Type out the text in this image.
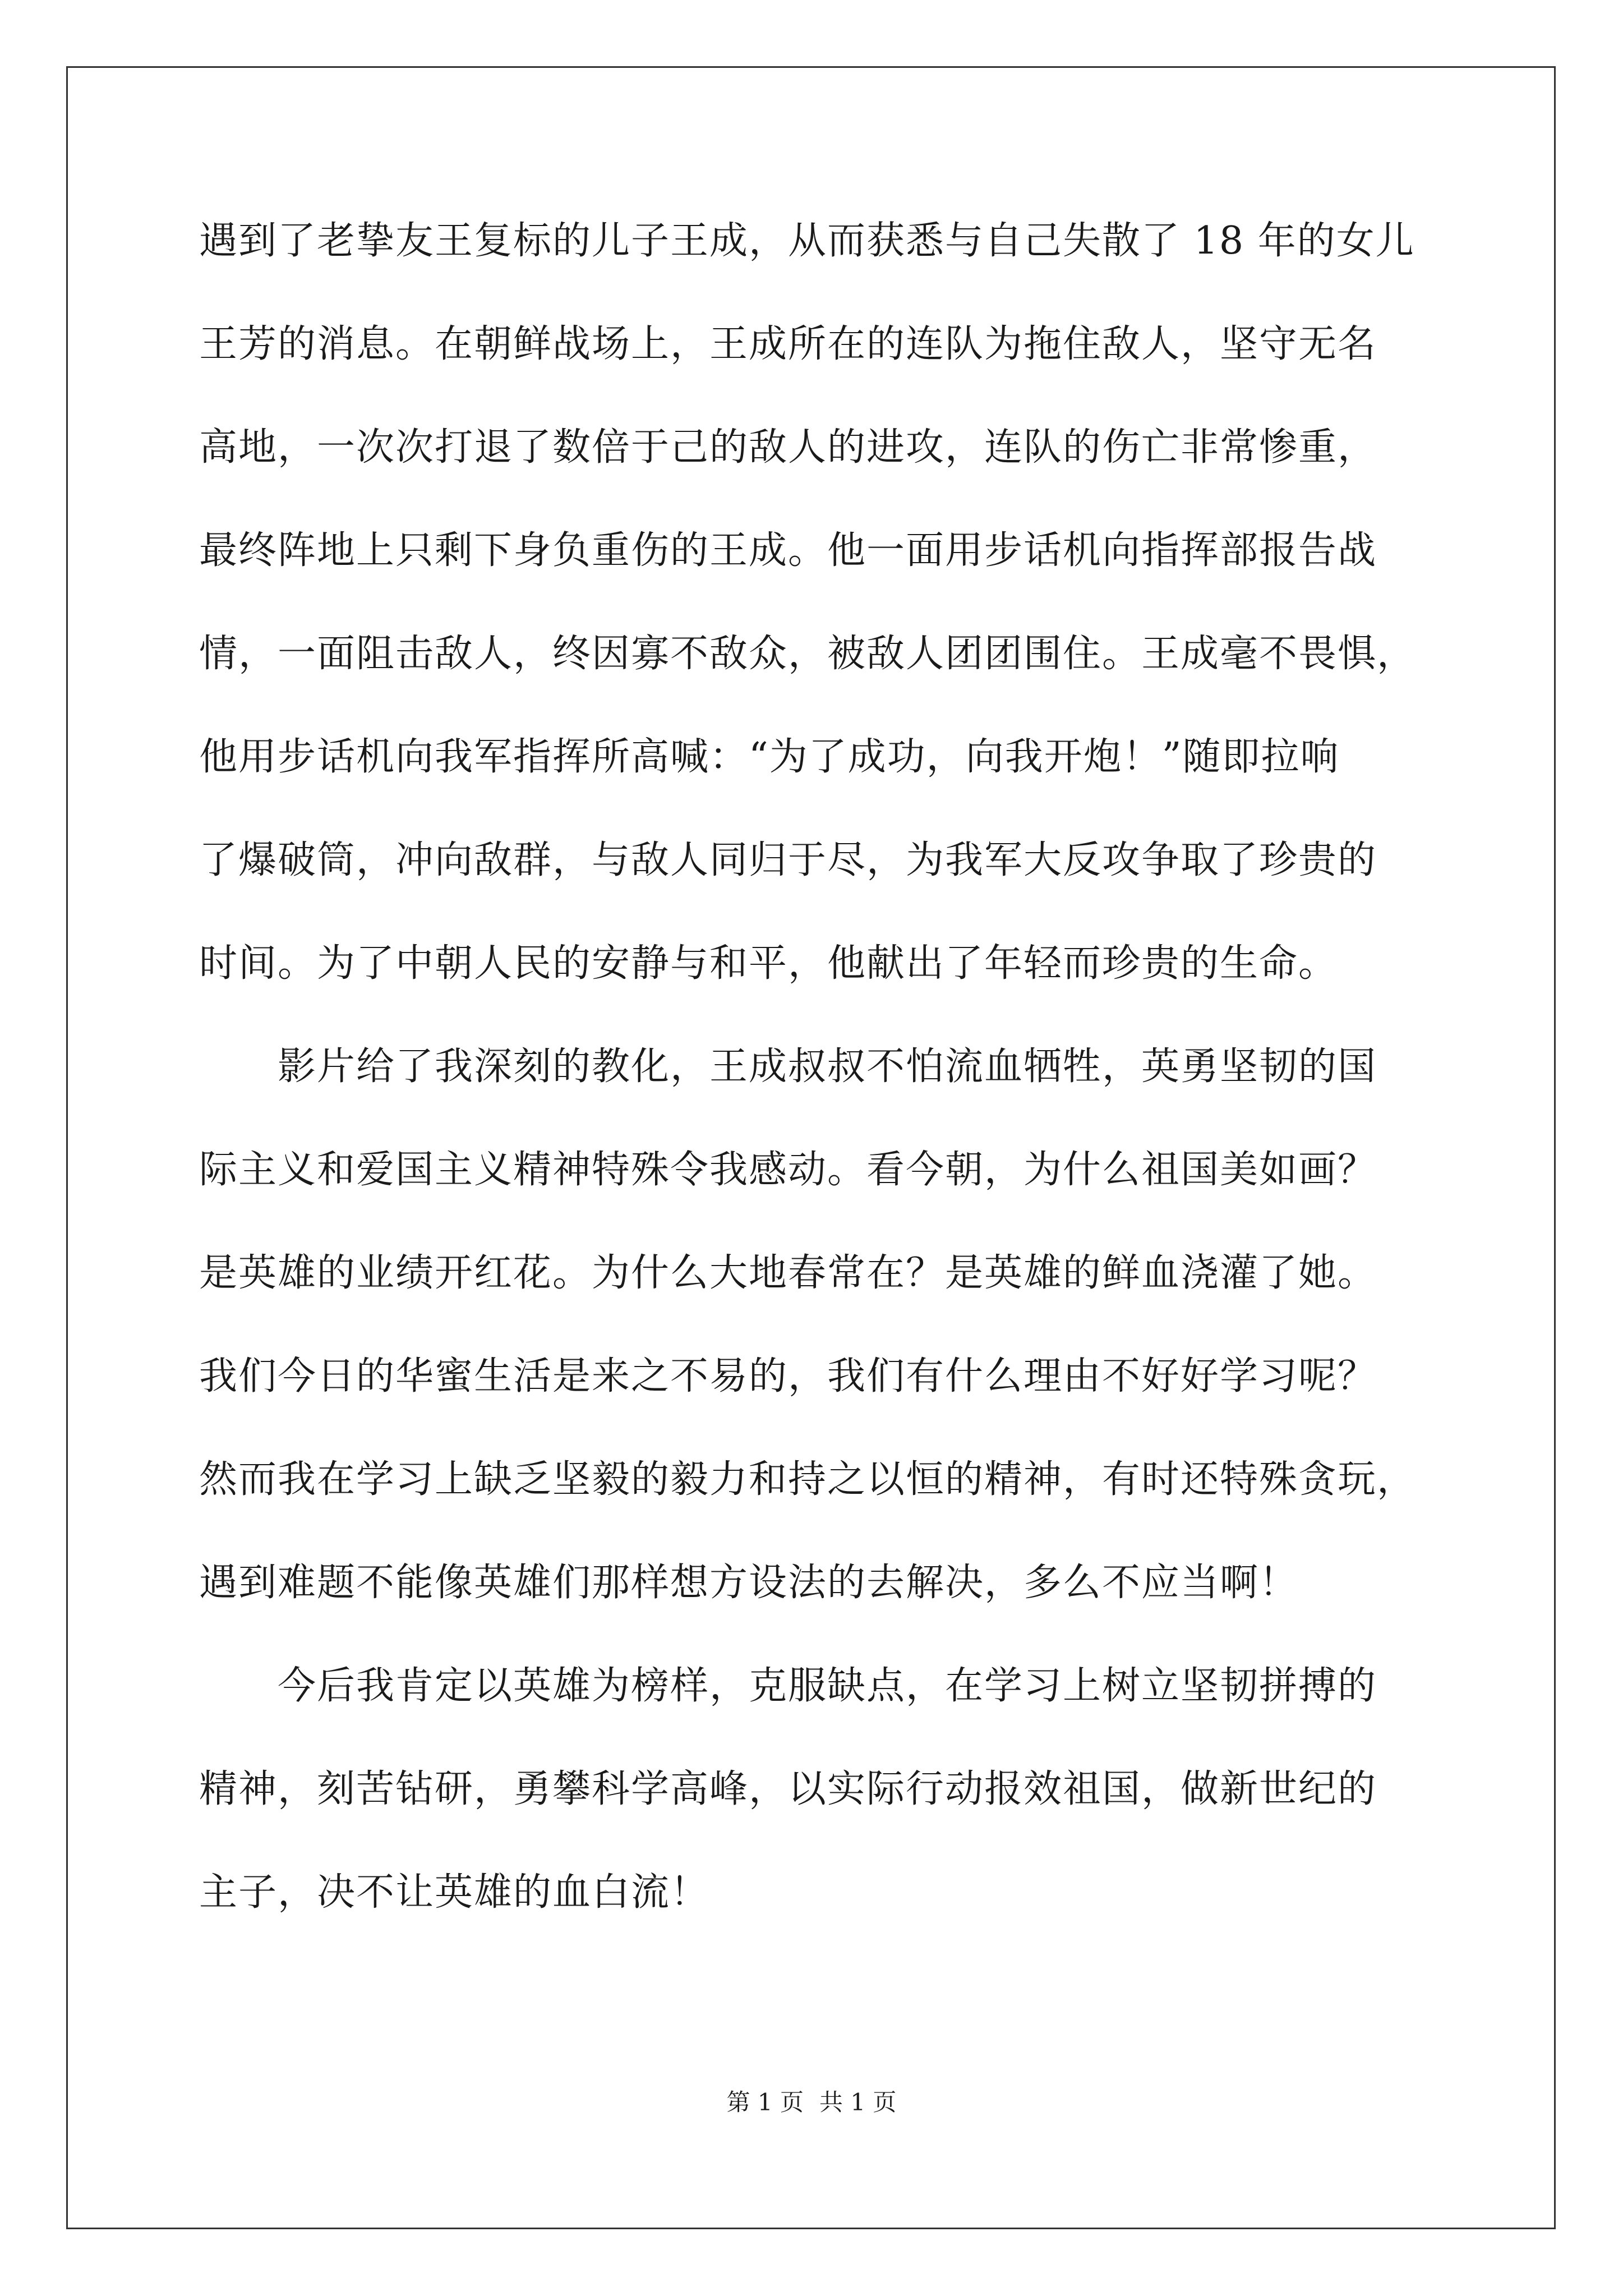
遇到了老挚友王复标的儿子王成，从而获悉与自己失散了 18 年的女儿
王芳的消息。在朝鲜战场上，王成所在的连队为拖住敌人，坚守无名
高地，一次次打退了数倍于己的敌人的进攻，连队的伤亡非常惨重，
最终阵地上只剩下身负重伤的王成。他一面用步话机向指挥部报告战
情，一面阻击敌人，终因寡不敌众，被敌人团团围住。王成毫不畏惧，
他用步话机向我军指挥所高喊：“为了成功，向我开炮！”随即拉响
了爆破筒，冲向敌群，与敌人同归于尽，为我军大反攻争取了珍贵的
时间。为了中朝人民的安静与和平，他献出了年轻而珍贵的生命。
　　影片给了我深刻的教化，王成叔叔不怕流血牺牲，英勇坚韧的国
际主义和爱国主义精神特殊令我感动。看今朝，为什么祖国美如画？
是英雄的业绩开红花。为什么大地春常在？是英雄的鲜血浇灌了她。
我们今日的华蜜生活是来之不易的，我们有什么理由不好好学习呢？
然而我在学习上缺乏坚毅的毅力和持之以恒的精神，有时还特殊贪玩，
遇到难题不能像英雄们那样想方设法的去解决，多么不应当啊！
　　今后我肯定以英雄为榜样，克服缺点，在学习上树立坚韧拼搏的
精神，刻苦钻研，勇攀科学高峰，以实际行动报效祖国，做新世纪的
主子，决不让英雄的血白流！
第 1 页 共 1 页
